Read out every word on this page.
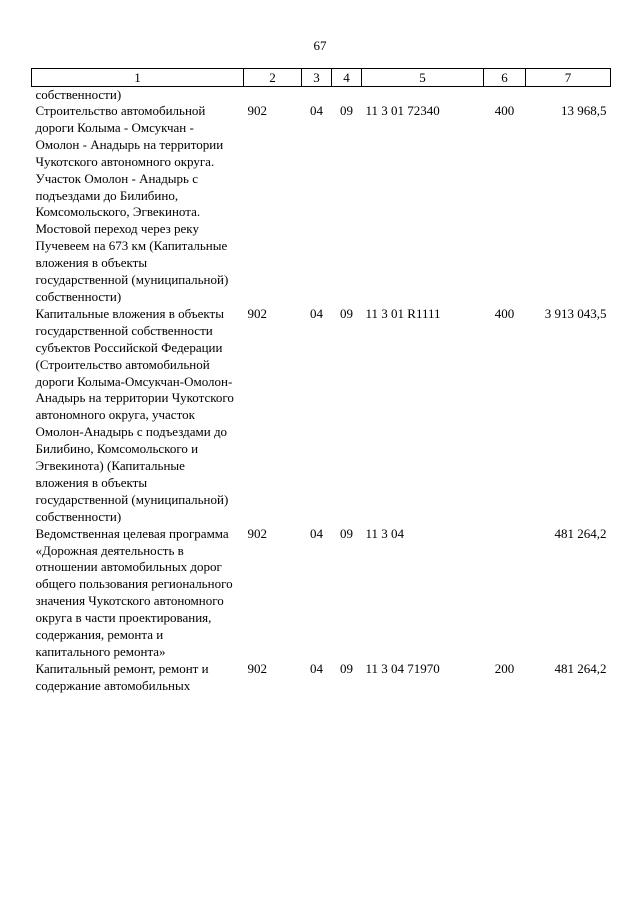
67
1	2	3	4	5	6	7
собственности)						
Строительство автомобильной дороги Колыма - Омсукчан - Омолон - Анадырь на территории Чукотского автономного округа. Участок Омолон - Анадырь с подъездами до Билибино, Комсомольского, Эгвекинота. Мостовой переход через реку Пучевеем на 673 км (Капитальные вложения в объекты государственной (муниципальной) собственности)	902	04	09	11 3 01 72340	400	13 968,5
Капитальные вложения в объекты государственной собственности субъектов Российской Федерации (Строительство автомобильной дороги Колыма-Омсукчан-Омолон-Анадырь на территории Чукотского автономного округа, участок Омолон-Анадырь с подъездами до Билибино, Комсомольского и Эгвекинота) (Капитальные вложения в объекты государственной (муниципальной) собственности)	902	04	09	11 3 01 R1111	400	3 913 043,5
Ведомственная целевая программа «Дорожная деятельность в отношении автомобильных дорог общего пользования регионального значения Чукотского автономного округа в части проектирования, содержания, ремонта и капитального ремонта»	902	04	09	11 3 04		481 264,2
Капитальный ремонт, ремонт и содержание автомобильных	902	04	09	11 3 04 71970	200	481 264,2
